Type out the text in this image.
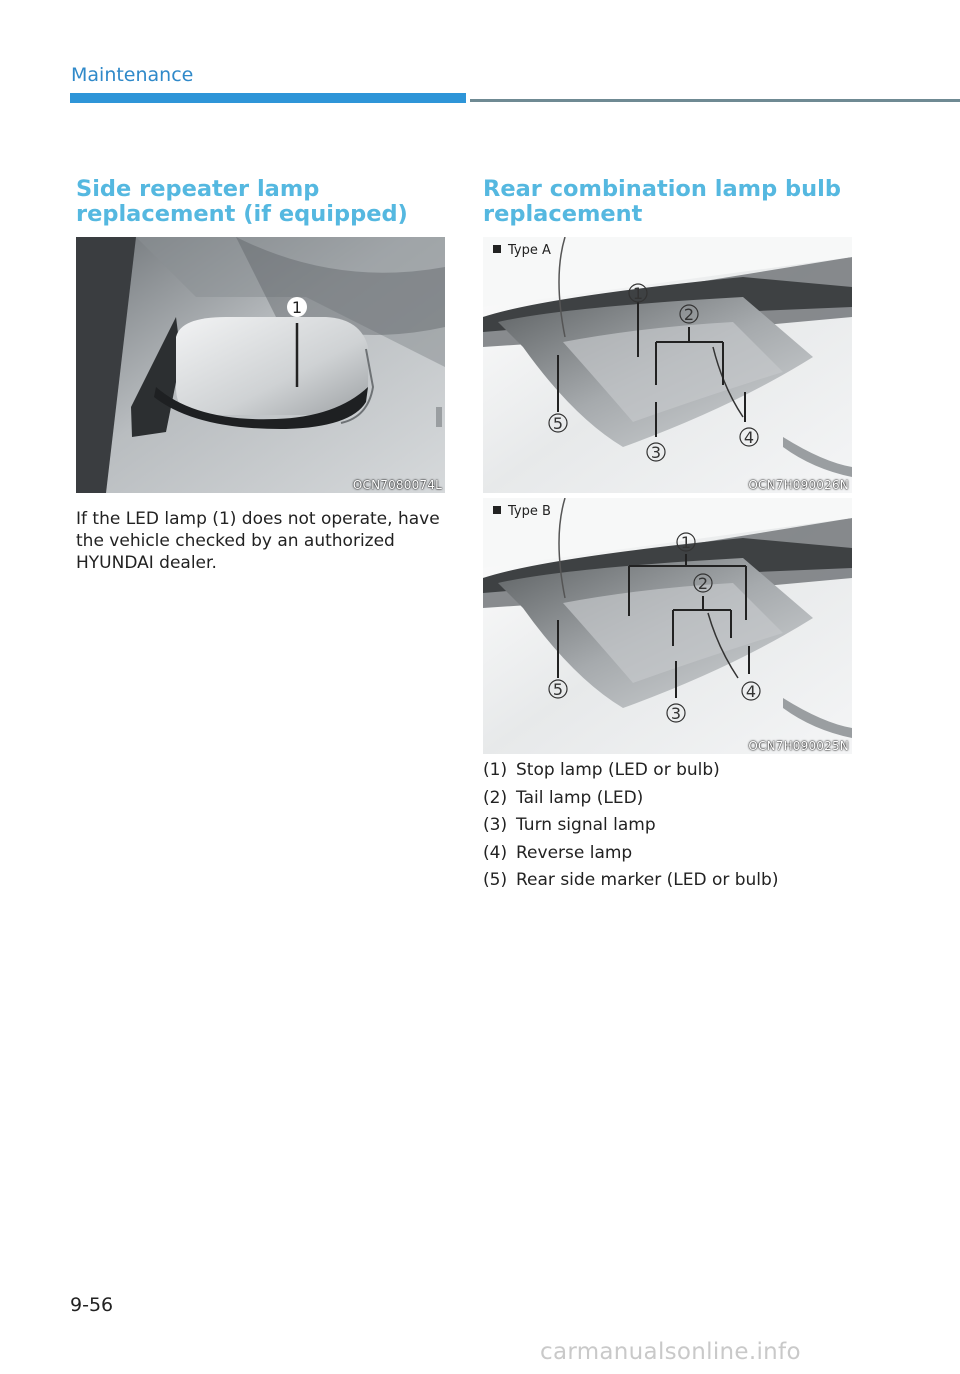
Maintenance
Side repeater lamp replacement (if equipped)
1
OCN7080074L

If the LED lamp (1) does not operate, have the vehicle checked by an authorized HYUNDAI dealer.

Rear combination lamp bulb replacement
1
2
3
4
5
Type A
OCN7H090026N
1
2
3
4
5
Type B
OCN7H090025N
(1) Stop lamp (LED or bulb)
(2) Tail lamp (LED)
(3) Turn signal lamp
(4) Reverse lamp
(5) Rear side marker (LED or bulb)
9-56
carmanualsonline.info
